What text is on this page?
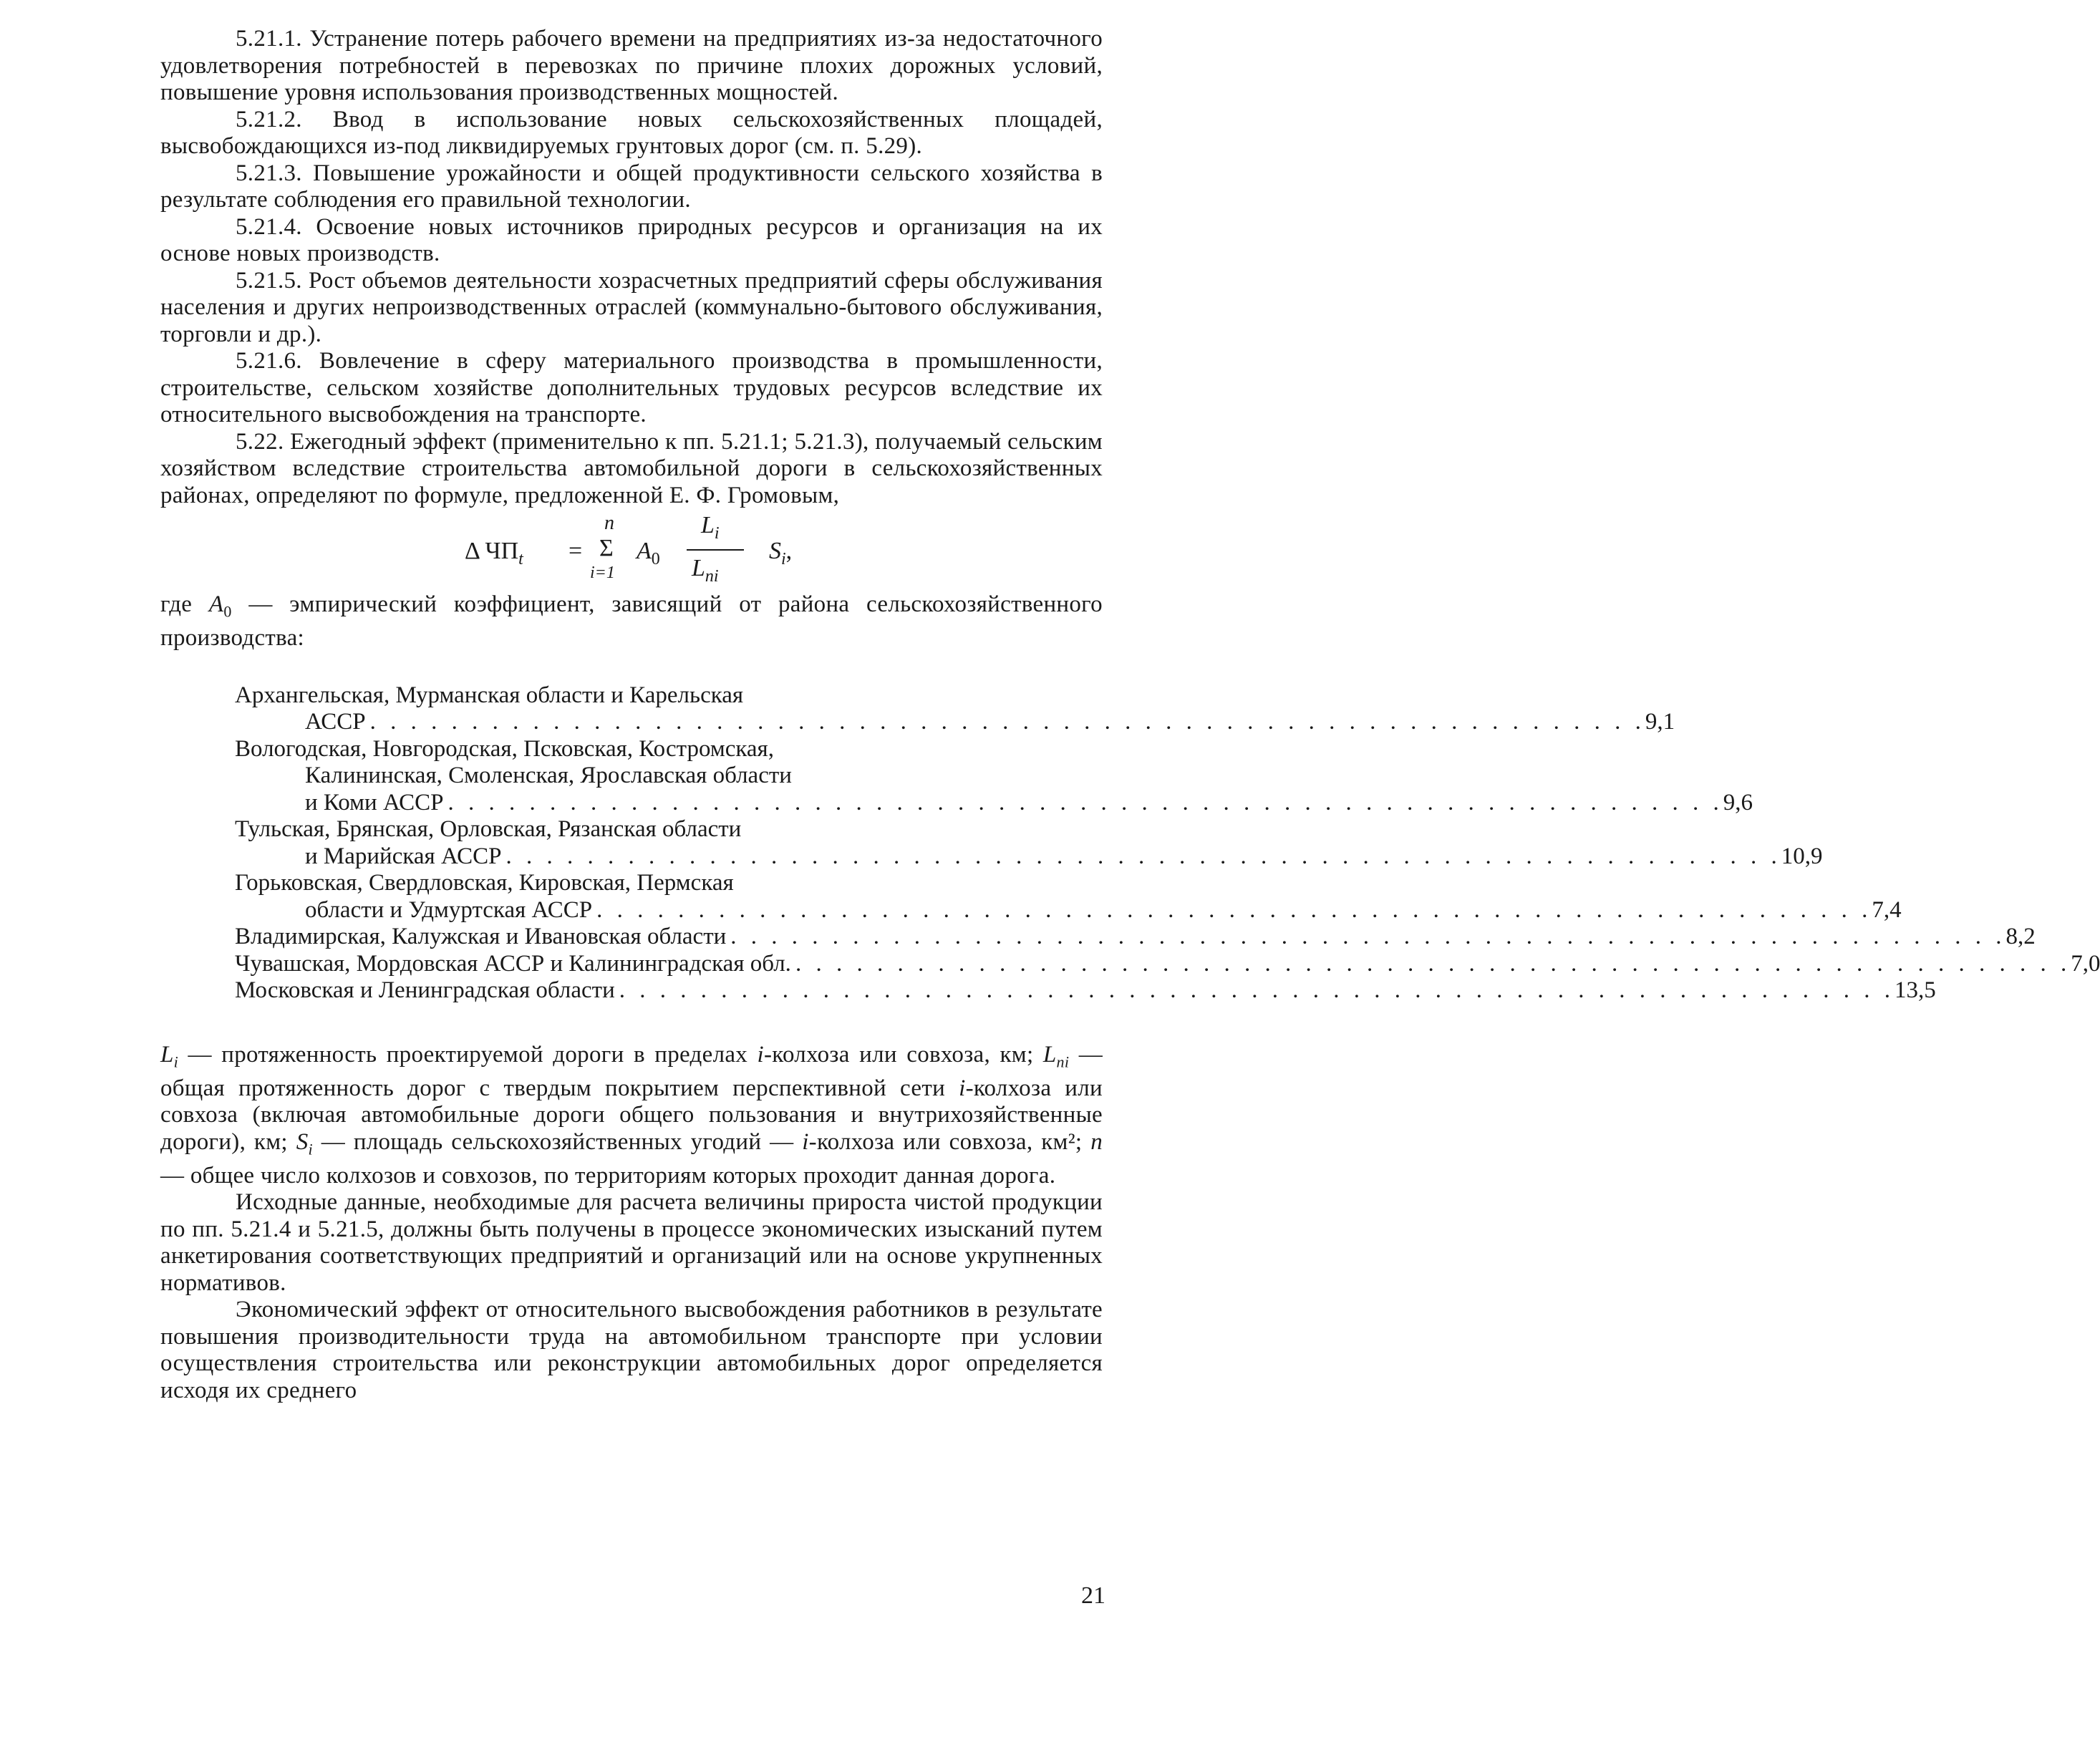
5.21.1. Устранение потерь рабочего времени на предприятиях из-за недостаточного удовлетворения потребностей в перевозках по причине плохих дорожных условий, повышение уровня использования производственных мощностей.

5.21.2. Ввод в использование новых сельскохозяйственных площадей, высвобождающихся из-под ликвидируемых грунтовых дорог (см. п. 5.29).

5.21.3. Повышение урожайности и общей продуктивности сельского хозяйства в результате соблюдения его правильной технологии.

5.21.4. Освоение новых источников природных ресурсов и организация на их основе новых производств.

5.21.5. Рост объемов деятельности хозрасчетных предприятий сферы обслуживания населения и других непроизводственных отраслей (коммунально-бытового обслуживания, торговли и др.).

5.21.6. Вовлечение в сферу материального производства в промышленности, строительстве, сельском хозяйстве дополнительных трудовых ресурсов вследствие их относительного высвобождения на транспорте.

5.22. Ежегодный эффект (применительно к пп. 5.21.1; 5.21.3), получаемый сельским хозяйством вследствие строительства автомобильной дороги в сельскохозяйственных районах, определяют по формуле, предложенной Е. Ф. Громовым,

Δ $ЧП_t$ =
n
Σ
i=1
$A_0$
$L_i$
$L_{ni}$
$S_i$,

где $A_0$ — эмпирический коэффициент, зависящий от района сельскохозяйственного производства:

Архангельская, Мурманская области и Карельская
АССР . . .	9,1
Вологодская, Новгородская, Псковская, Костромская,
Калининская, Смоленская, Ярославская области
и Коми АССР . . .	9,6
Тульская, Брянская, Орловская, Рязанская области
и Марийская АССР . . .	10,9
Горьковская, Свердловская, Кировская, Пермская
области и Удмуртская АССР . . .	7,4
Владимирская, Калужская и Ивановская области . . .	8,2
Чувашская, Мордовская АССР и Калининградская обл. . . .	7,0
Московская и Ленинградская области . . .	13,5

$L_i$ — протяженность проектируемой дороги в пределах i-колхоза или совхоза, км; $L_{ni}$ — общая протяженность дорог с твердым покрытием перспективной сети i-колхоза или совхоза (включая автомобильные дороги общего пользования и внутрихозяйственные дороги), км; $S_i$ — площадь сельскохозяйственных угодий — i-колхоза или совхоза, км²; n — общее число колхозов и совхозов, по территориям которых проходит данная дорога.

Исходные данные, необходимые для расчета величины прироста чистой продукции по пп. 5.21.4 и 5.21.5, должны быть получены в процессе экономических изысканий путем анкетирования соответствующих предприятий и организаций или на основе укрупненных нормативов.

Экономический эффект от относительного высвобождения работников в результате повышения производительности труда на автомобильном транспорте при условии осуществления строительства или реконструкции автомобильных дорог определяется исходя их среднего

21
